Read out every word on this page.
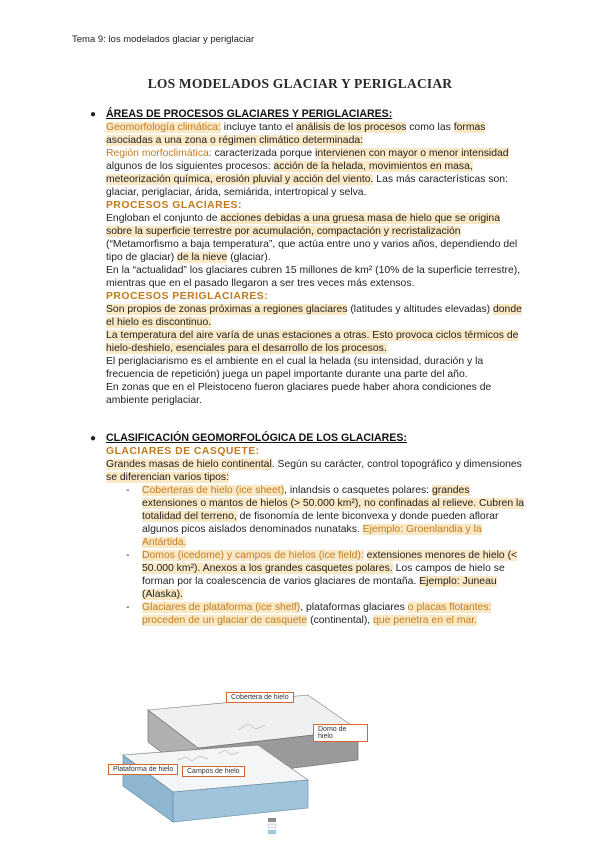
Tema 9: los modelados glaciar y periglaciar
LOS MODELADOS GLACIAR Y PERIGLACIAR
● ÁREAS DE PROCESOS GLACIARES Y PERIGLACIARES:

Geomorfología climática: incluye tanto el análisis de los procesos como las formas asociadas a una zona o régimen climático determinada:

Región morfoclimática: caracterizada porque intervienen con mayor o menor intensidad algunos de los siguientes procesos: acción de la helada, movimientos en masa, meteorización química, erosión pluvial y acción del viento. Las más características son: glaciar, periglaciar, árida, semiárida, intertropical y selva.

PROCESOS GLACIARES:

Engloban el conjunto de acciones debidas a una gruesa masa de hielo que se origina sobre la superficie terrestre por acumulación, compactación y recristalización (“Metamorfismo a baja temperatura”, que actúa entre uno y varios años, dependiendo del tipo de glaciar) de la nieve (glaciar).

En la “actualidad” los glaciares cubren 15 millones de km² (10% de la superficie terrestre), mientras que en el pasado llegaron a ser tres veces más extensos.

PROCESOS PERIGLACIARES:

Son propios de zonas próximas a regiones glaciares (latitudes y altitudes elevadas) donde el hielo es discontinuo.

La temperatura del aire varía de unas estaciones a otras. Esto provoca ciclos térmicos de hielo-deshielo, esenciales para el desarrollo de los procesos.

El periglaciarismo es el ambiente en el cual la helada (su intensidad, duración y la frecuencia de repetición) juega un papel importante durante una parte del año.

En zonas que en el Pleistoceno fueron glaciares puede haber ahora condiciones de ambiente periglaciar.

● CLASIFICACIÓN GEOMORFOLÓGICA DE LOS GLACIARES:

GLACIARES DE CASQUETE:

Grandes masas de hielo continental. Según su carácter, control topográfico y dimensiones se diferencian varios tipos:

- Coberteras de hielo (ice sheet), inlandsis o casquetes polares: grandes extensiones o mantos de hielos (> 50.000 km²), no confinadas al relieve. Cubren la totalidad del terreno, de fisonomía de lente biconvexa y donde pueden aflorar algunos picos aislados denominados nunataks. Ejemplo: Groenlandia y la Antártida.
- Domos (icedome) y campos de hielos (ice field): extensiones menores de hielo (< 50.000 km²). Anexos a los grandes casquetes polares. Los campos de hielo se forman por la coalescencia de varios glaciares de montaña. Ejemplo: Juneau (Alaska).
- Glaciares de plataforma (ice shelf), plataformas glaciares o placas flotantes: proceden de un glaciar de casquete (continental), que penetra en el mar.
Cobertera de hielo
Domo de hielo
Plataforma de hielo	Campos de hielo
